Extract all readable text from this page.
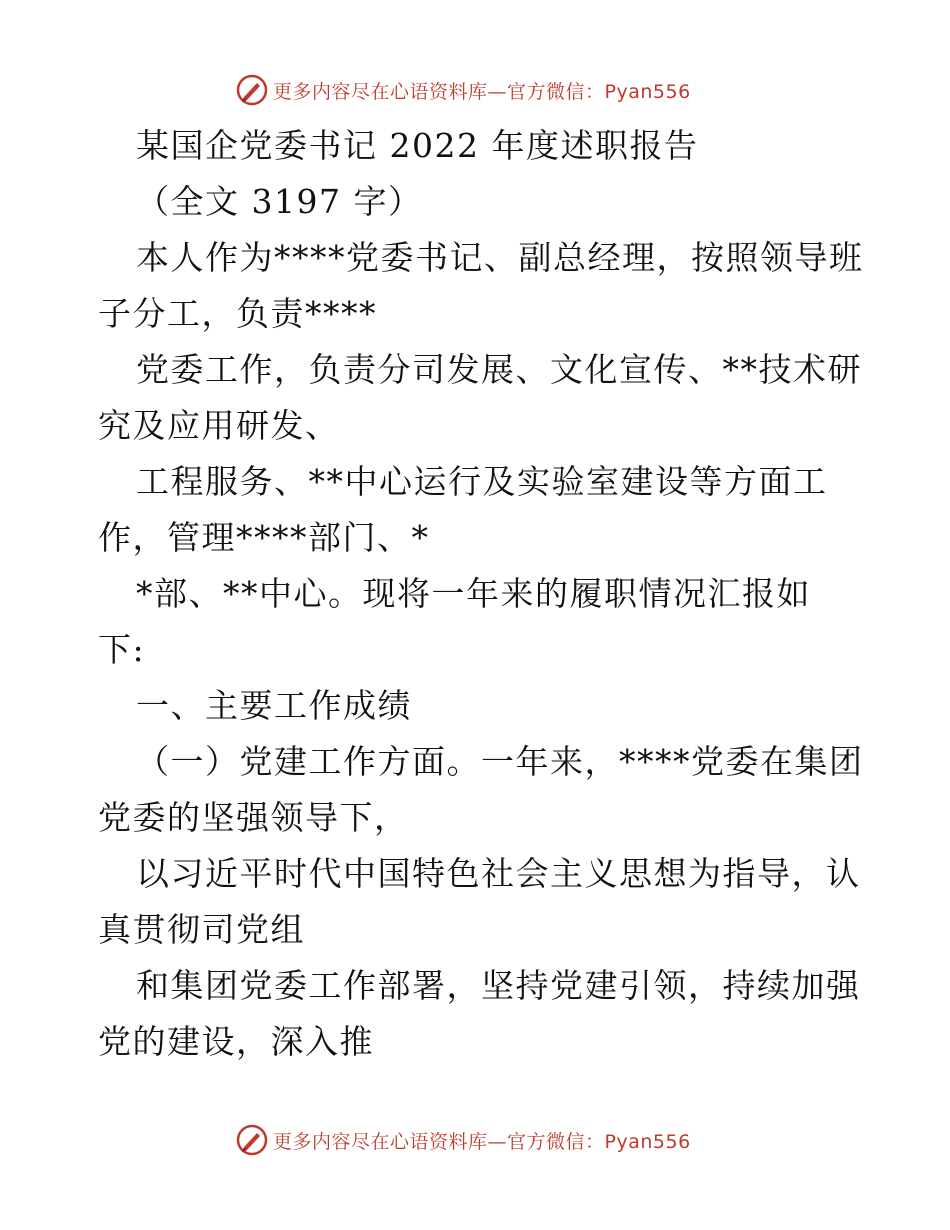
更多内容尽在心语资料库—官方微信：Pyan556
某国企党委书记 2022 年度述职报告
（全文 3197 字）
本人作为****党委书记、副总经理，按照领导班
子分工，负责****
党委工作，负责分司发展、文化宣传、**技术研
究及应用研发、
工程服务、**中心运行及实验室建设等方面工
作，管理****部门、*
*部、**中心。现将一年来的履职情况汇报如
下:
一、主要工作成绩
（一）党建工作方面。一年来，****党委在集团
党委的坚强领导下，
以习近平时代中国特色社会主义思想为指导，认
真贯彻司党组
和集团党委工作部署，坚持党建引领，持续加强
党的建设，深入推
更多内容尽在心语资料库—官方微信：Pyan556
